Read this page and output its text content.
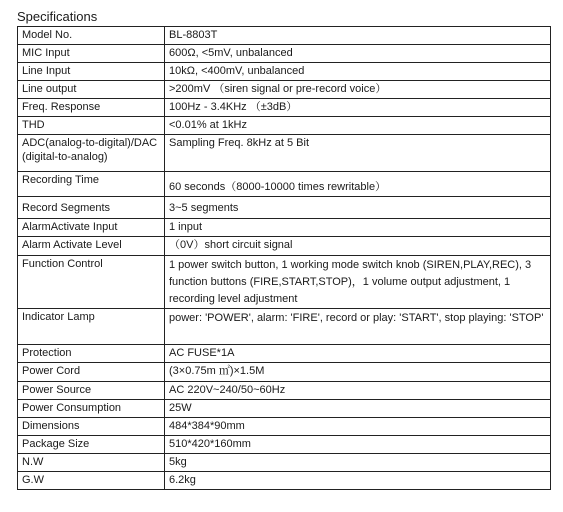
Specifications
Model No.	BL-8803T
MIC Input	600Ω, <5mV, unbalanced
Line Input	10kΩ, <400mV, unbalanced
Line output	>200mV （siren signal or pre-record voice）
Freq. Response	100Hz - 3.4KHz （±3dB）
THD	<0.01% at 1kHz
ADC(analog-to-digital)/DAC(digital-to-analog)	Sampling Freq. 8kHz at 5 Bit
Recording Time	60 seconds（8000-10000 times rewritable）
Record Segments	3~5 segments
AlarmActivate Input	1 input
Alarm Activate Level	（0V）short circuit signal
Function Control	1 power switch button, 1 working mode switch knob (SIREN,PLAY,REC), 3 function buttons (FIRE,START,STOP)，1 volume output adjustment, 1 recording level adjustment
Indicator Lamp	power: 'POWER', alarm: 'FIRE', record or play: 'START', stop playing: 'STOP'
Protection	AC FUSE*1A
Power Cord	(3×0.75m ㎡)×1.5M
Power Source	AC 220V~240/50~60Hz
Power Consumption	25W
Dimensions	484*384*90mm
Package Size	510*420*160mm
N.W	5kg
G.W	6.2kg
